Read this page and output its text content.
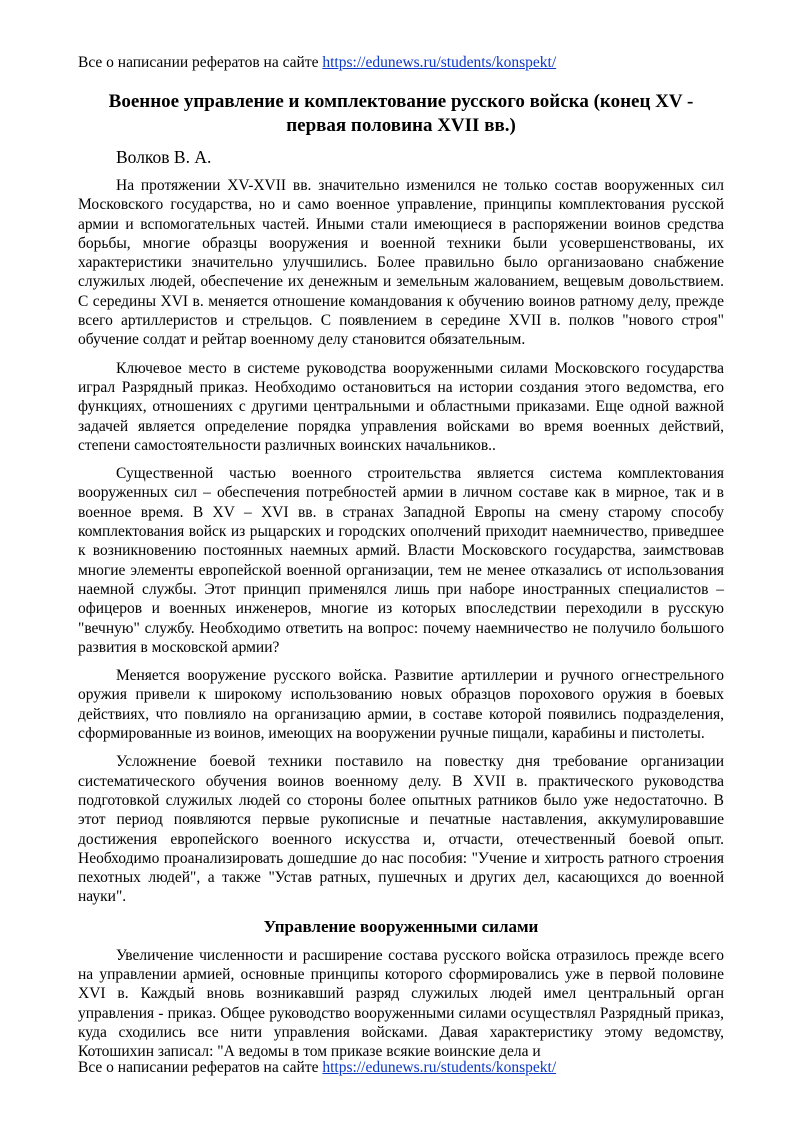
Все о написании рефератов на сайте https://edunews.ru/students/konspekt/
Военное управление и комплектование русского войска (конец XV - первая половина XVII вв.)
Волков В. А.

На протяжении XV-XVII вв. значительно изменился не только состав вооруженных сил Московского государства, но и само военное управление, принципы комплектования русской армии и вспомогательных частей. Иными стали имеющиеся в распоряжении воинов средства борьбы, многие образцы вооружения и военной техники были усовершенствованы, их характеристики значительно улучшились. Более правильно было организаовано снабжение служилых людей, обеспечение их денежным и земельным жалованием, вещевым довольствием. С середины XVI в. меняется отношение командования к обучению воинов ратному делу, прежде всего артиллеристов и стрельцов. С появлением в середине XVII в. полков "нового строя" обучение солдат и рейтар военному делу становится обязательным.

Ключевое место в системе руководства вооруженными силами Московского государства играл Разрядный приказ. Необходимо остановиться на истории создания этого ведомства, его функциях, отношениях с другими центральными и областными приказами. Еще одной важной задачей является определение порядка управления войсками во время военных действий, степени самостоятельности различных воинских начальников..

Существенной частью военного строительства является система комплектования вооруженных сил – обеспечения потребностей армии в личном составе как в мирное, так и в военное время. В XV – XVI вв. в странах Западной Европы на смену старому способу комплектования войск из рыцарских и городских ополчений приходит наемничество, приведшее к возникновению постоянных наемных армий. Власти Московского государства, заимствовав многие элементы европейской военной организации, тем не менее отказались от использования наемной службы. Этот принцип применялся лишь при наборе иностранных специалистов – офицеров и военных инженеров, многие из которых впоследствии переходили в русскую "вечную" службу. Необходимо ответить на вопрос: почему наемничество не получило большого развития в московской армии?

Меняется вооружение русского войска. Развитие артиллерии и ручного огнестрельного оружия привели к широкому использованию новых образцов порохового оружия в боевых действиях, что повлияло на организацию армии, в составе которой появились подразделения, сформированные из воинов, имеющих на вооружении ручные пищали, карабины и пистолеты.

Усложнение боевой техники поставило на повестку дня требование организации систематического обучения воинов военному делу. В XVII в. практического руководства подготовкой служилых людей со стороны более опытных ратников было уже недостаточно. В этот период появляются первые рукописные и печатные наставления, аккумулировавшие достижения европейского военного искусства и, отчасти, отечественный боевой опыт. Необходимо проанализировать дошедшие до нас пособия: "Учение и хитрость ратного строения пехотных людей", а также "Устав ратных, пушечных и других дел, касающихся до военной науки".

Управление вооруженными силами

Увеличение численности и расширение состава русского войска отразилось прежде всего на управлении армией, основные принципы которого сформировались уже в первой половине XVI в. Каждый вновь возникавший разряд служилых людей имел центральный орган управления - приказ. Общее руководство вооруженными силами осуществлял Разрядный приказ, куда сходились все нити управления войсками. Давая характеристику этому ведомству, Котошихин записал: "А ведомы в том приказе всякие воинские дела и

Все о написании рефератов на сайте https://edunews.ru/students/konspekt/
